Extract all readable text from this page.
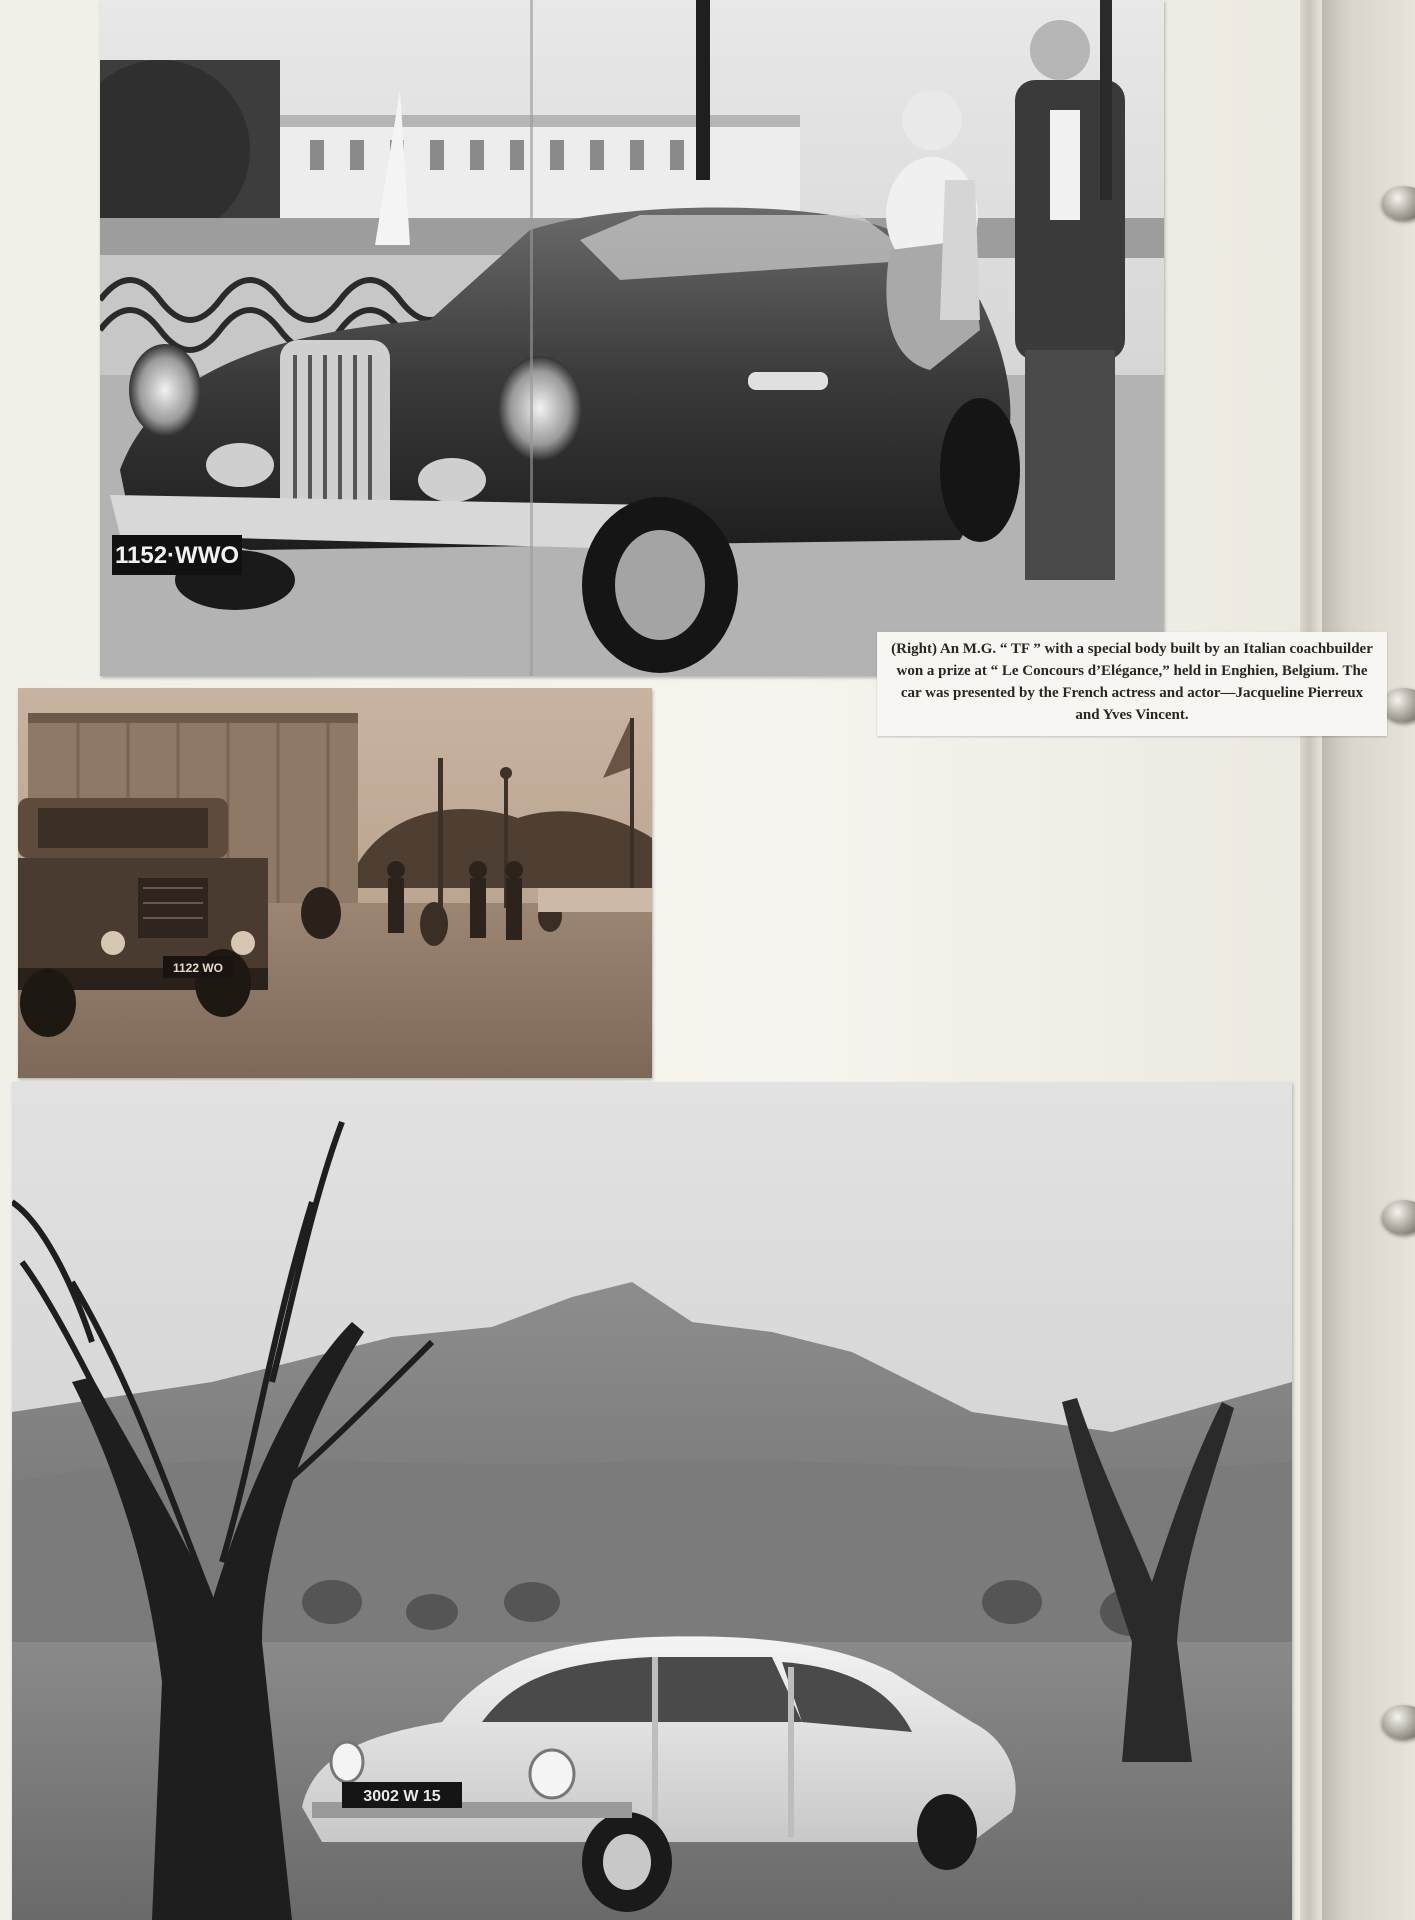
1152·WWO
(Right) An M.G. “ TF ” with a special body built by an Italian coachbuilder won a prize at “ Le Concours d’Elégance,” held in Enghien, Belgium. The car was presented by the French actress and actor—Jacqueline Pierreux and Yves Vincent.
1122 WO
3002 W 15
